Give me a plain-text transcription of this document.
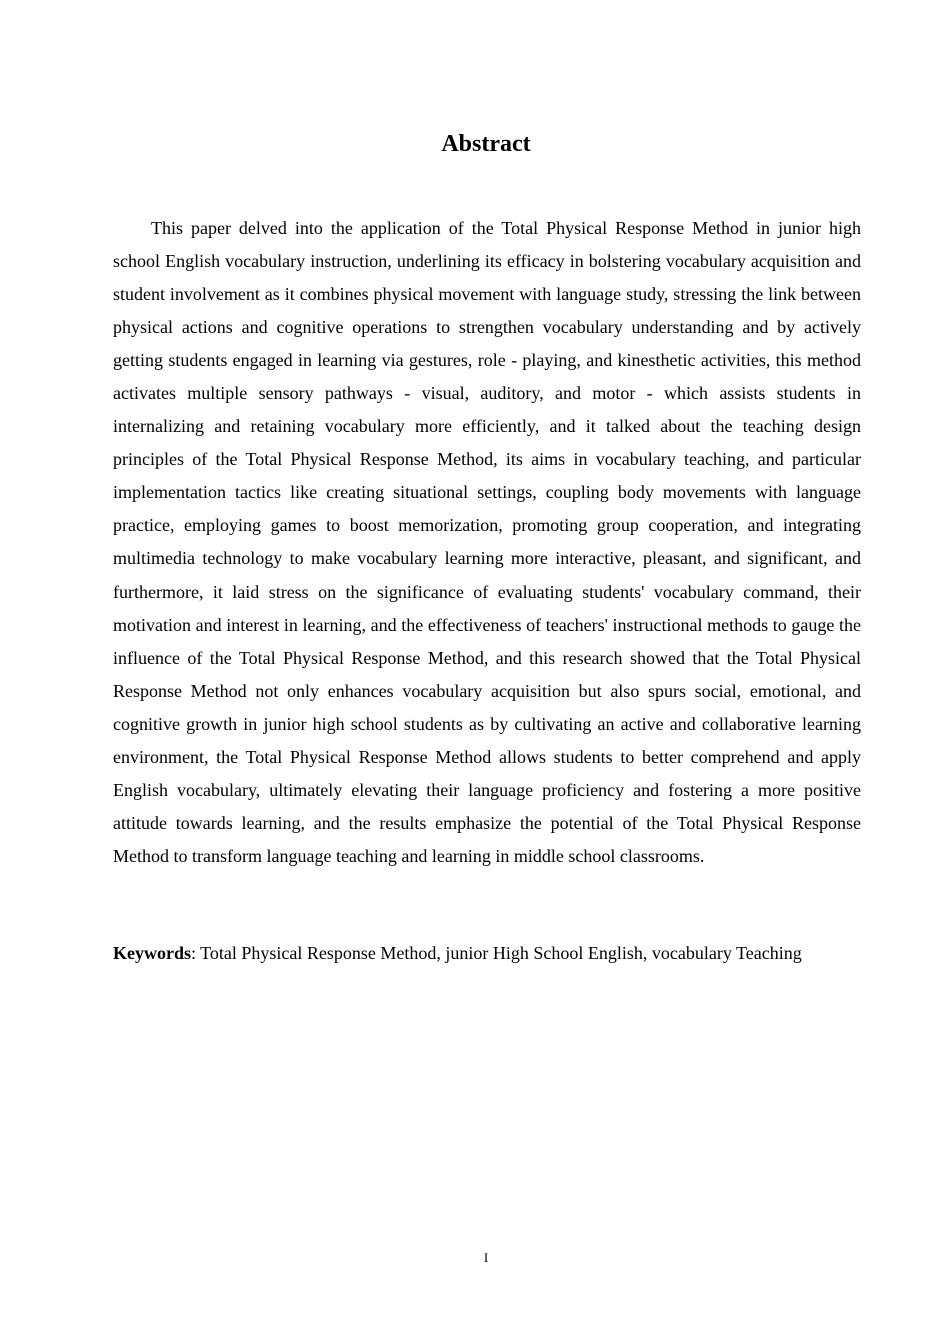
Abstract

This paper delved into the application of the Total Physical Response Method in junior high school English vocabulary instruction, underlining its efficacy in bolstering vocabulary acquisition and student involvement as it combines physical movement with language study, stressing the link between physical actions and cognitive operations to strengthen vocabulary understanding and by actively getting students engaged in learning via gestures, role - playing, and kinesthetic activities, this method activates multiple sensory pathways - visual, auditory, and motor - which assists students in internalizing and retaining vocabulary more efficiently, and it talked about the teaching design principles of the Total Physical Response Method, its aims in vocabulary teaching, and particular implementation tactics like creating situational settings, coupling body movements with language practice, employing games to boost memorization, promoting group cooperation, and integrating multimedia technology to make vocabulary learning more interactive, pleasant, and significant, and furthermore, it laid stress on the significance of evaluating students' vocabulary command, their motivation and interest in learning, and the effectiveness of teachers' instructional methods to gauge the influence of the Total Physical Response Method, and this research showed that the Total Physical Response Method not only enhances vocabulary acquisition but also spurs social, emotional, and cognitive growth in junior high school students as by cultivating an active and collaborative learning environment, the Total Physical Response Method allows students to better comprehend and apply English vocabulary, ultimately elevating their language proficiency and fostering a more positive attitude towards learning, and the results emphasize the potential of the Total Physical Response Method to transform language teaching and learning in middle school classrooms.

Keywords: Total Physical Response Method, junior High School English, vocabulary Teaching

I
